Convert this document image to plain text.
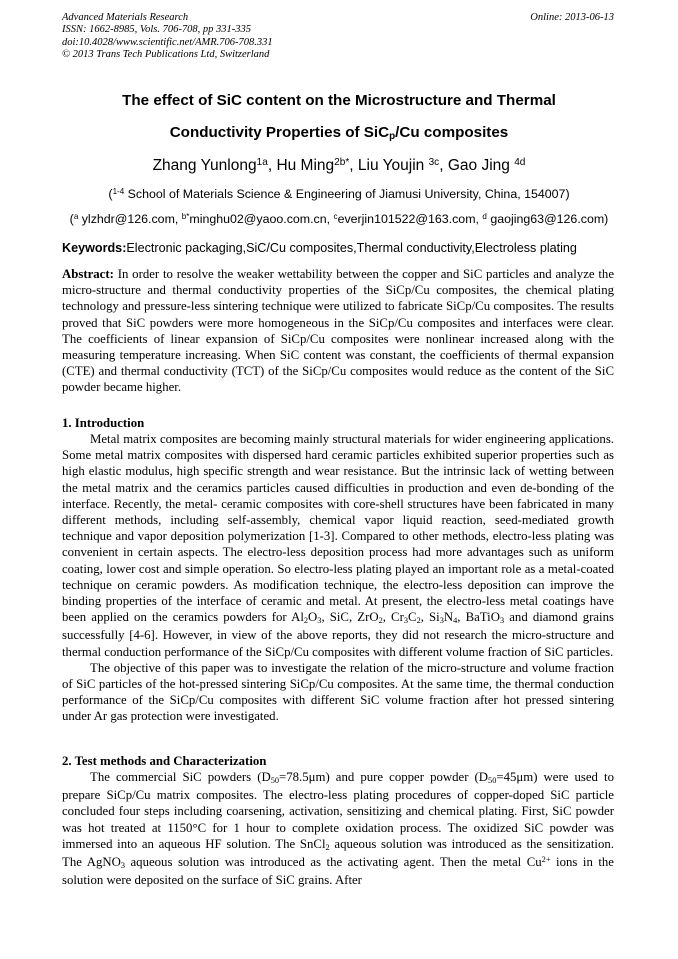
Advanced Materials Research
ISSN: 1662-8985, Vols. 706-708, pp 331-335
doi:10.4028/www.scientific.net/AMR.706-708.331
© 2013 Trans Tech Publications Ltd, Switzerland
Online: 2013-06-13
The effect of SiC content on the Microstructure and Thermal
Conductivity Properties of SiC$_p$/Cu composites
Zhang Yunlong$^{1a}$, Hu Ming$^{2b*}$, Liu Youjin $^{3c}$, Gao Jing $^{4d}$
($^{1-4}$ School of Materials Science & Engineering of Jiamusi University, China, 154007)
($^a$ ylzhdr@126.com, $^{b*}$minghu02@yaoo.com.cn, $^c$everjin101522@163.com, $^d$ gaojing63@126.com)
Keywords:Electronic packaging,SiC/Cu composites,Thermal conductivity,Electroless plating

Abstract: In order to resolve the weaker wettability between the copper and SiC particles and analyze the micro-structure and thermal conductivity properties of the SiCp/Cu composites, the chemical plating technology and pressure-less sintering technique were utilized to fabricate SiCp/Cu composites. The results proved that SiC powders were more homogeneous in the SiCp/Cu composites and interfaces were clear. The coefficients of linear expansion of SiCp/Cu composites were nonlinear increased along with the measuring temperature increasing. When SiC content was constant, the coefficients of thermal expansion (CTE) and thermal conductivity (TCT) of the SiCp/Cu composites would reduce as the content of the SiC powder became higher.

1. Introduction

Metal matrix composites are becoming mainly structural materials for wider engineering applications. Some metal matrix composites with dispersed hard ceramic particles exhibited superior properties such as high elastic modulus, high specific strength and wear resistance. But the intrinsic lack of wetting between the metal matrix and the ceramics particles caused difficulties in production and even de-bonding of the interface. Recently, the metal- ceramic composites with core-shell structures have been fabricated in many different methods, including self-assembly, chemical vapor liquid reaction, seed-mediated growth technique and vapor deposition polymerization [1-3]. Compared to other methods, electro-less plating was convenient in certain aspects. The electro-less deposition process had more advantages such as uniform coating, lower cost and simple operation. So electro-less plating played an important role as a metal-coated technique on ceramic powders. As modification technique, the electro-less deposition can improve the binding properties of the interface of ceramic and metal. At present, the electro-less metal coatings have been applied on the ceramics powders for $Al_2O_3$, SiC, ZrO$_2$, $Cr_3C_2$, $Si_3N_4$, BaTiO$_3$ and diamond grains successfully [4-6]. However, in view of the above reports, they did not research the micro-structure and thermal conduction performance of the SiCp/Cu composites with different volume fraction of SiC particles.

The objective of this paper was to investigate the relation of the micro-structure and volume fraction of SiC particles of the hot-pressed sintering SiCp/Cu composites. At the same time, the thermal conduction performance of the SiCp/Cu composites with different SiC volume fraction after hot pressed sintering under Ar gas protection were investigated.

2. Test methods and Characterization

The commercial SiC powders $(D_{50}=78.5\mu m)$ and pure copper powder $(D_{50}=45\mu m)$ were used to prepare SiCp/Cu matrix composites. The electro-less plating procedures of copper-doped SiC particle concluded four steps including coarsening, activation, sensitizing and chemical plating. First, SiC powder was hot treated at 1150°C for 1 hour to complete oxidation process. The oxidized SiC powder was immersed into an aqueous HF solution. The SnCl$_2$ aqueous solution was introduced as the sensitization. The AgNO$_3$ aqueous solution was introduced as the activating agent. Then the metal $Cu^{2+}$ ions in the solution were deposited on the surface of SiC grains. After
